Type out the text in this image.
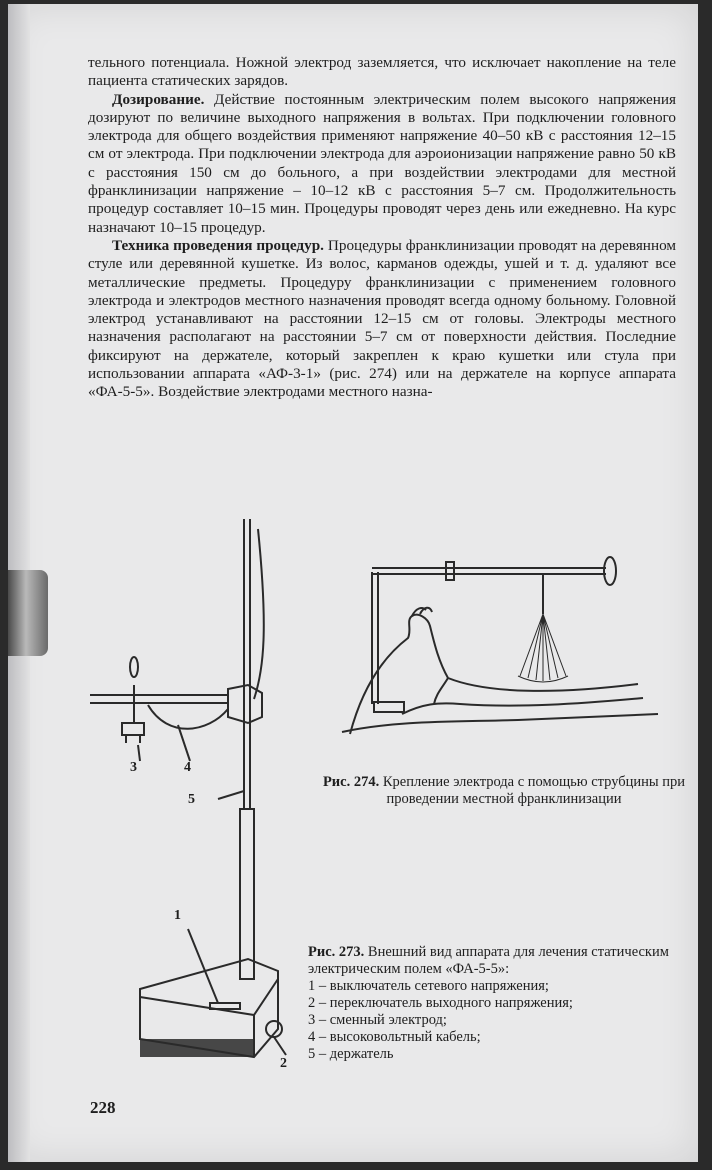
тельного потенциала. Ножной электрод заземляется, что исключает накопление на теле пациента статических зарядов.

Дозирование. Действие постоянным электрическим полем высокого напряжения дозируют по величине выходного напряжения в вольтах. При подключении головного электрода для общего воздействия применяют напряжение 40–50 кВ с расстояния 12–15 см от электрода. При подключении электрода для аэроионизации напряжение равно 50 кВ с расстояния 150 см до больного, а при воздействии электродами для местной франклинизации напряжение – 10–12 кВ с расстояния 5–7 см. Продолжительность процедур составляет 10–15 мин. Процедуры проводят через день или ежедневно. На курс назначают 10–15 процедур.

Техника проведения процедур. Процедуры франклинизации проводят на деревянном стуле или деревянной кушетке. Из волос, карманов одежды, ушей и т. д. удаляют все металлические предметы. Процедуру франклинизации с применением головного электрода и электродов местного назначения проводят всегда одному больному. Головной электрод устанавливают на расстоянии 12–15 см от головы. Электроды местного назначения располагают на расстоянии 5–7 см от поверхности действия. Последние фиксируют на держателе, который закреплен к краю кушетки или стула при использовании аппарата «АФ-3-1» (рис. 274) или на держателе на корпусе аппарата «ФА-5-5». Воздействие электродами местного назна-

1
2
3	4
5
Рис. 274. Крепление электрода с помощью струбцины при проведении местной франклинизации
Рис. 273. Внешний вид аппарата для лечения статическим электрическим полем «ФА-5-5»:
1 – выключатель сетевого напряжения;
2 – переключатель выходного напряжения;
3 – сменный электрод;
4 – высоковольтный кабель;
5 – держатель
228
